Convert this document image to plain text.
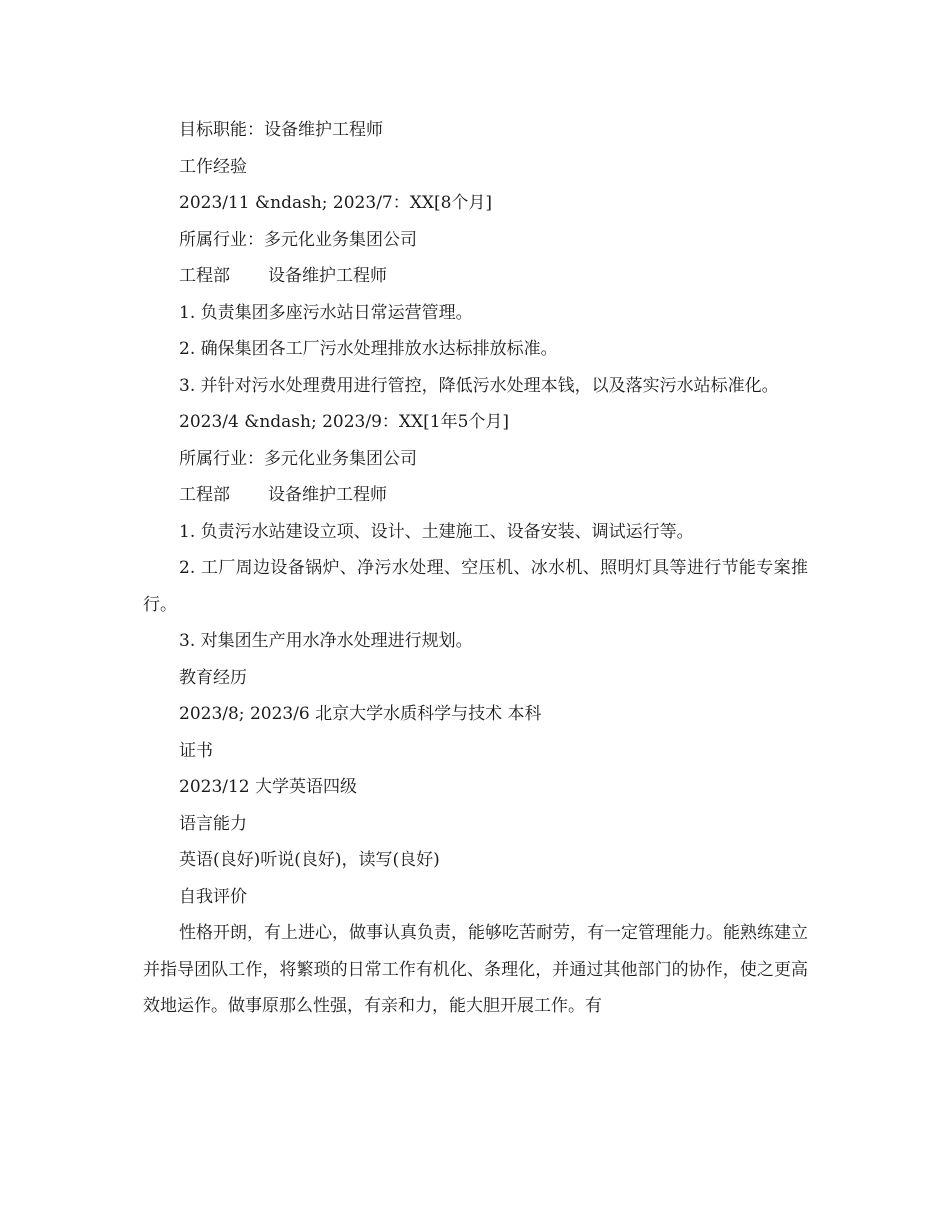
目标职能：设备维护工程师
工作经验
2023/11 &ndash; 2023/7：XX[8个月]
所属行业：多元化业务集团公司
工程部 设备维护工程师
1. 负责集团多座污水站日常运营管理。
2. 确保集团各工厂污水处理排放水达标排放标准。
3. 并针对污水处理费用进行管控，降低污水处理本钱，以及落实污水站标准化。
2023/4 &ndash; 2023/9：XX[1年5个月]
所属行业：多元化业务集团公司
工程部 设备维护工程师
1. 负责污水站建设立项、设计、土建施工、设备安装、调试运行等。
2. 工厂周边设备锅炉、净污水处理、空压机、冰水机、照明灯具等进行节能专案推行。
3. 对集团生产用水净水处理进行规划。
教育经历
2023/8; 2023/6 北京大学水质科学与技术 本科
证书
2023/12 大学英语四级
语言能力
英语(良好)听说(良好)，读写(良好)
自我评价
性格开朗，有上进心，做事认真负责，能够吃苦耐劳，有一定管理能力。能熟练建立并指导团队工作，将繁琐的日常工作有机化、条理化，并通过其他部门的协作，使之更高效地运作。做事原那么性强，有亲和力，能大胆开展工作。有
